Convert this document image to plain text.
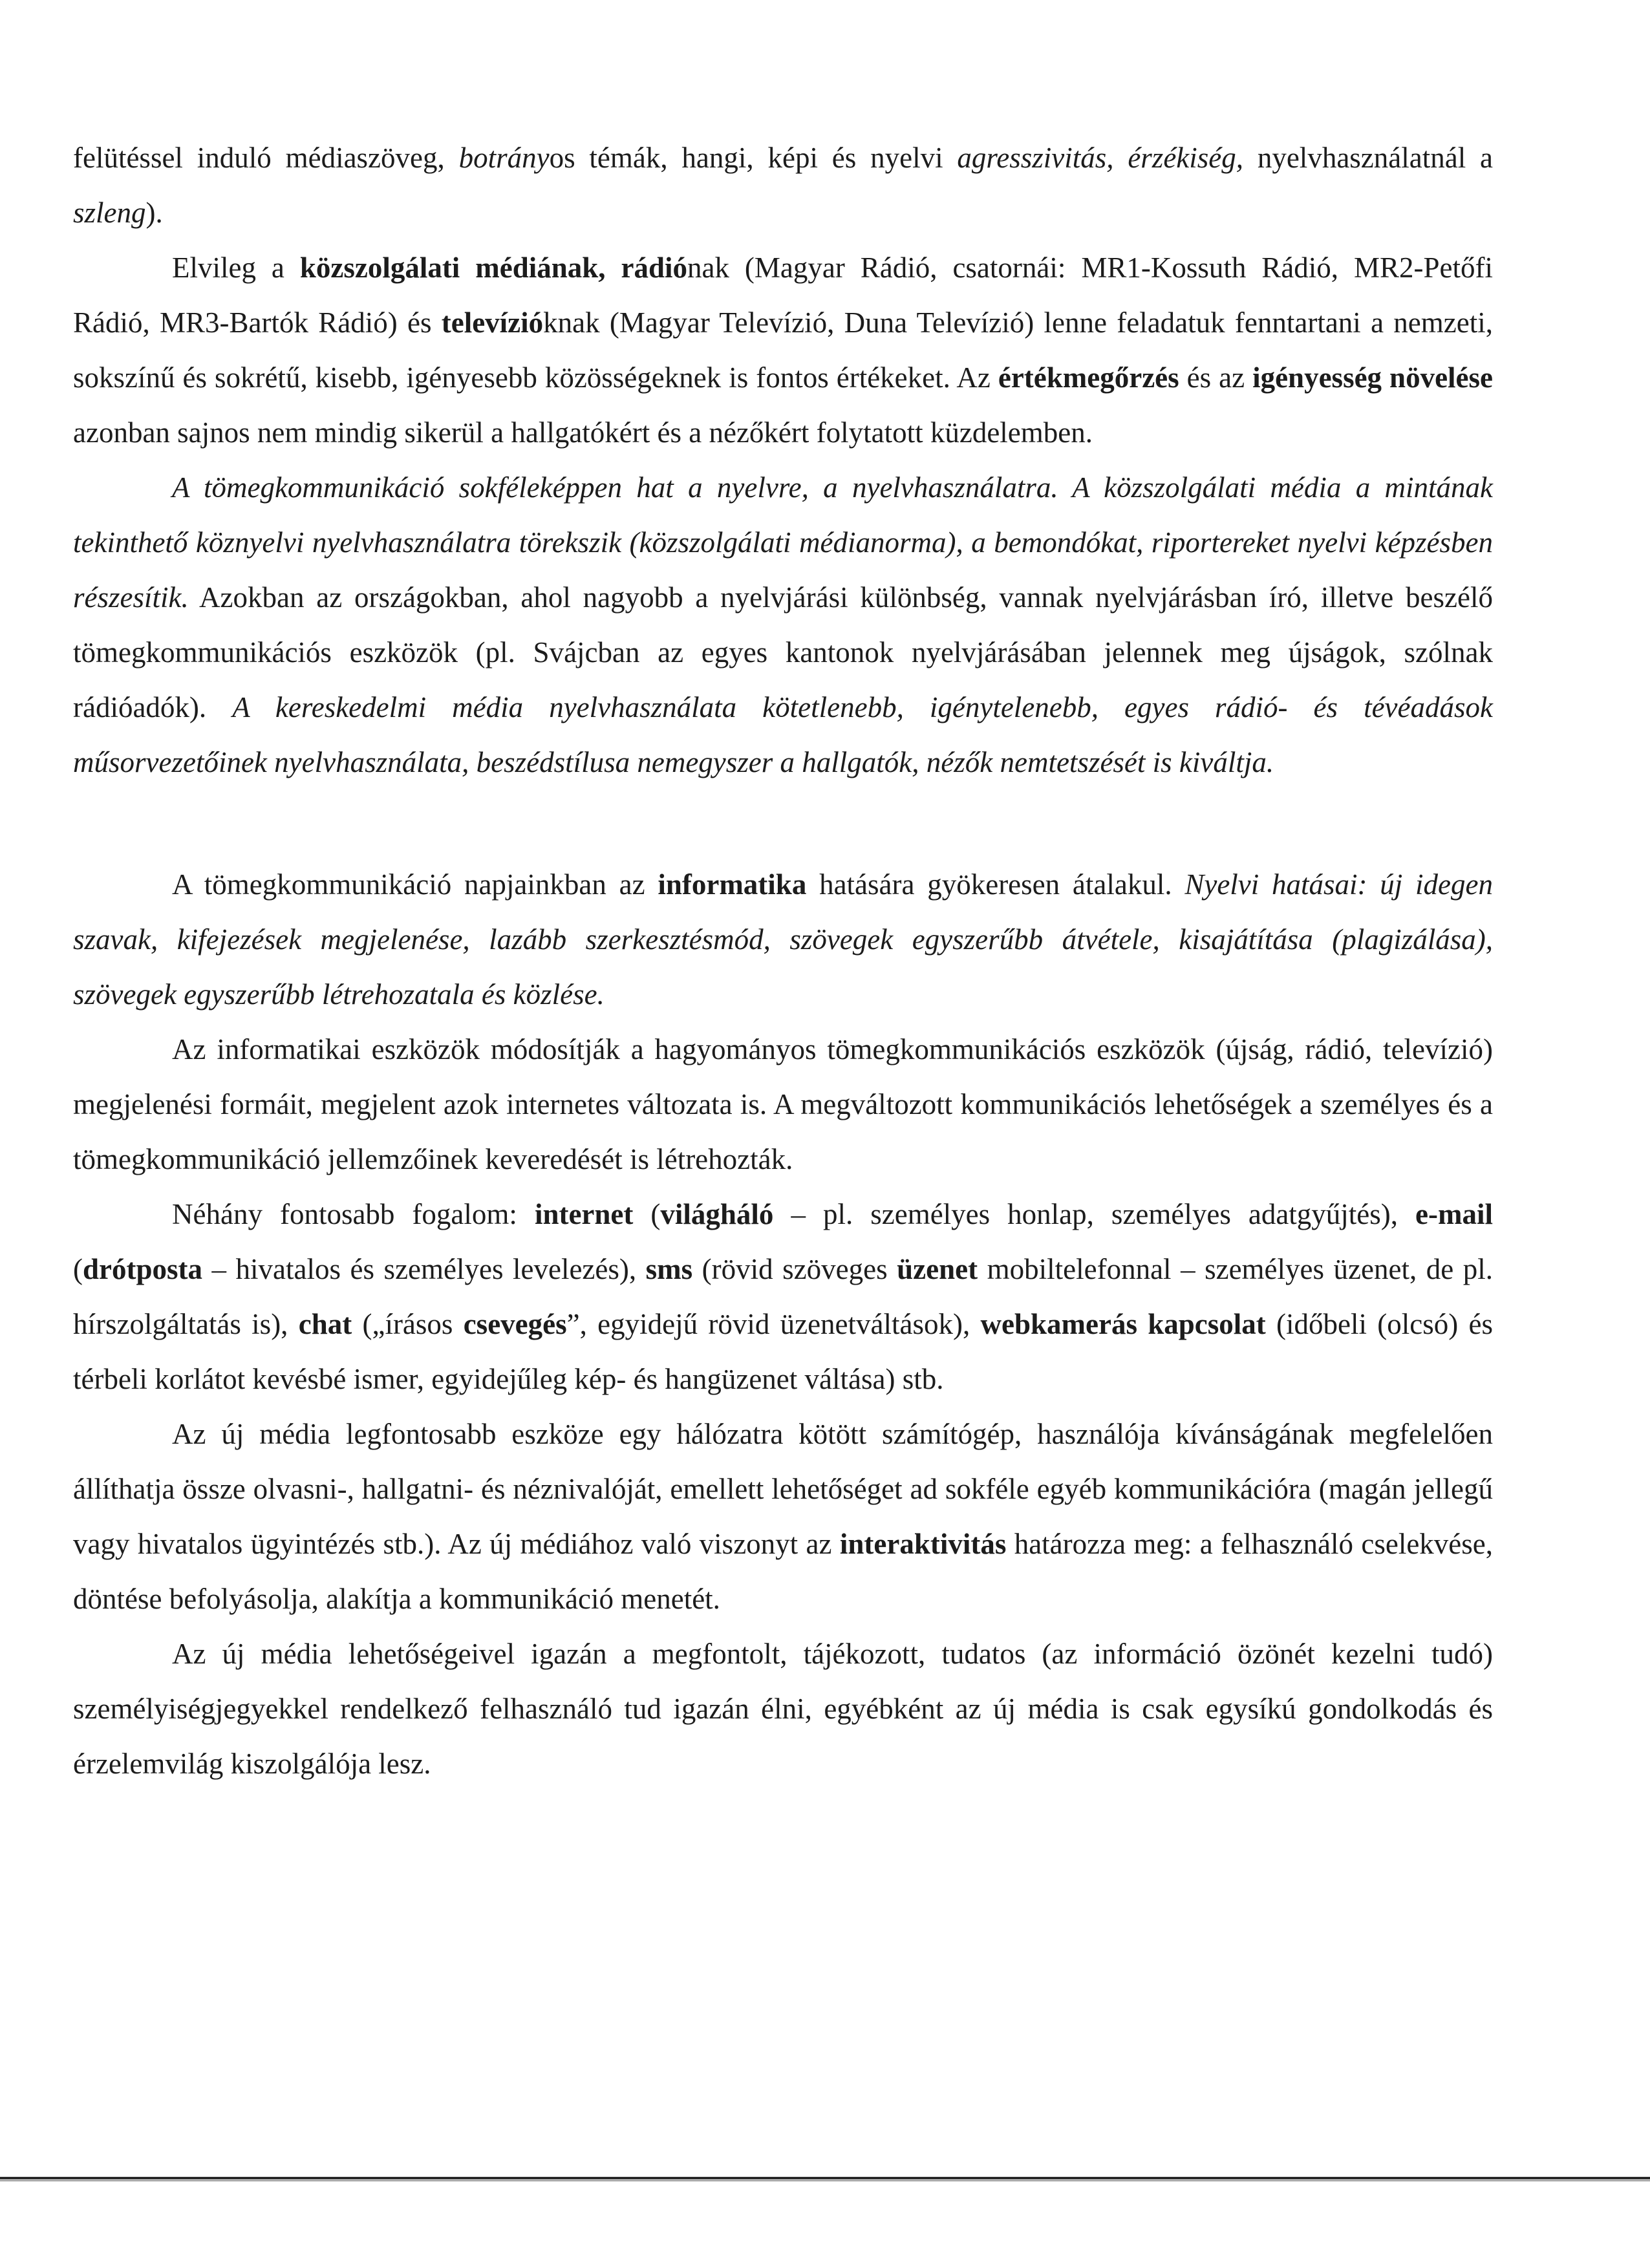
felütéssel induló médiaszöveg, botrányos témák, hangi, képi és nyelvi agresszivitás, érzékiség, nyelvhasználatnál a szleng).

Elvileg a közszolgálati médiának, rádiónak (Magyar Rádió, csatornái: MR1-Kossuth Rádió, MR2-Petőfi Rádió, MR3-Bartók Rádió) és televízióknak (Magyar Televízió, Duna Televízió) lenne feladatuk fenntartani a nemzeti, sokszínű és sokrétű, kisebb, igényesebb közösségeknek is fontos értékeket. Az értékmegőrzés és az igényesség növelése azonban sajnos nem mindig sikerül a hallgatókért és a nézőkért folytatott küzdelemben.

A tömegkommunikáció sokféleképpen hat a nyelvre, a nyelvhasználatra. A közszolgálati média a mintának tekinthető köznyelvi nyelvhasználatra törekszik (közszolgálati médianorma), a bemondókat, riportereket nyelvi képzésben részesítik. Azokban az országokban, ahol nagyobb a nyelvjárási különbség, vannak nyelvjárásban író, illetve beszélő tömegkommunikációs eszközök (pl. Svájcban az egyes kantonok nyelvjárásában jelennek meg újságok, szólnak rádióadók). A kereskedelmi média nyelvhasználata kötetlenebb, igénytelenebb, egyes rádió- és tévéadások műsorvezetőinek nyelvhasználata, beszédstílusa nemegyszer a hallgatók, nézők nemtetszését is kiváltja.

A tömegkommunikáció napjainkban az informatika hatására gyökeresen átalakul. Nyelvi hatásai: új idegen szavak, kifejezések megjelenése, lazább szerkesztésmód, szövegek egyszerűbb átvétele, kisajátítása (plagizálása), szövegek egyszerűbb létrehozatala és közlése.

Az informatikai eszközök módosítják a hagyományos tömegkommunikációs eszközök (újság, rádió, televízió) megjelenési formáit, megjelent azok internetes változata is. A megváltozott kommunikációs lehetőségek a személyes és a tömegkommunikáció jellemzőinek keveredését is létrehozták.

Néhány fontosabb fogalom: internet (világháló – pl. személyes honlap, személyes adatgyűjtés), e-mail (drótposta – hivatalos és személyes levelezés), sms (rövid szöveges üzenet mobiltelefonnal – személyes üzenet, de pl. hírszolgáltatás is), chat („írásos csevegés”, egyidejű rövid üzenetváltások), webkamerás kapcsolat (időbeli (olcsó) és térbeli korlátot kevésbé ismer, egyidejűleg kép- és hangüzenet váltása) stb.

Az új média legfontosabb eszköze egy hálózatra kötött számítógép, használója kívánságának megfelelően állíthatja össze olvasni-, hallgatni- és néznivalóját, emellett lehetőséget ad sokféle egyéb kommunikációra (magán jellegű vagy hivatalos ügyintézés stb.). Az új médiához való viszonyt az interaktivitás határozza meg: a felhasználó cselekvése, döntése befolyásolja, alakítja a kommunikáció menetét.

Az új média lehetőségeivel igazán a megfontolt, tájékozott, tudatos (az információ özönét kezelni tudó) személyiségjegyekkel rendelkező felhasználó tud igazán élni, egyébként az új média is csak egysíkú gondolkodás és érzelemvilág kiszolgálója lesz.
